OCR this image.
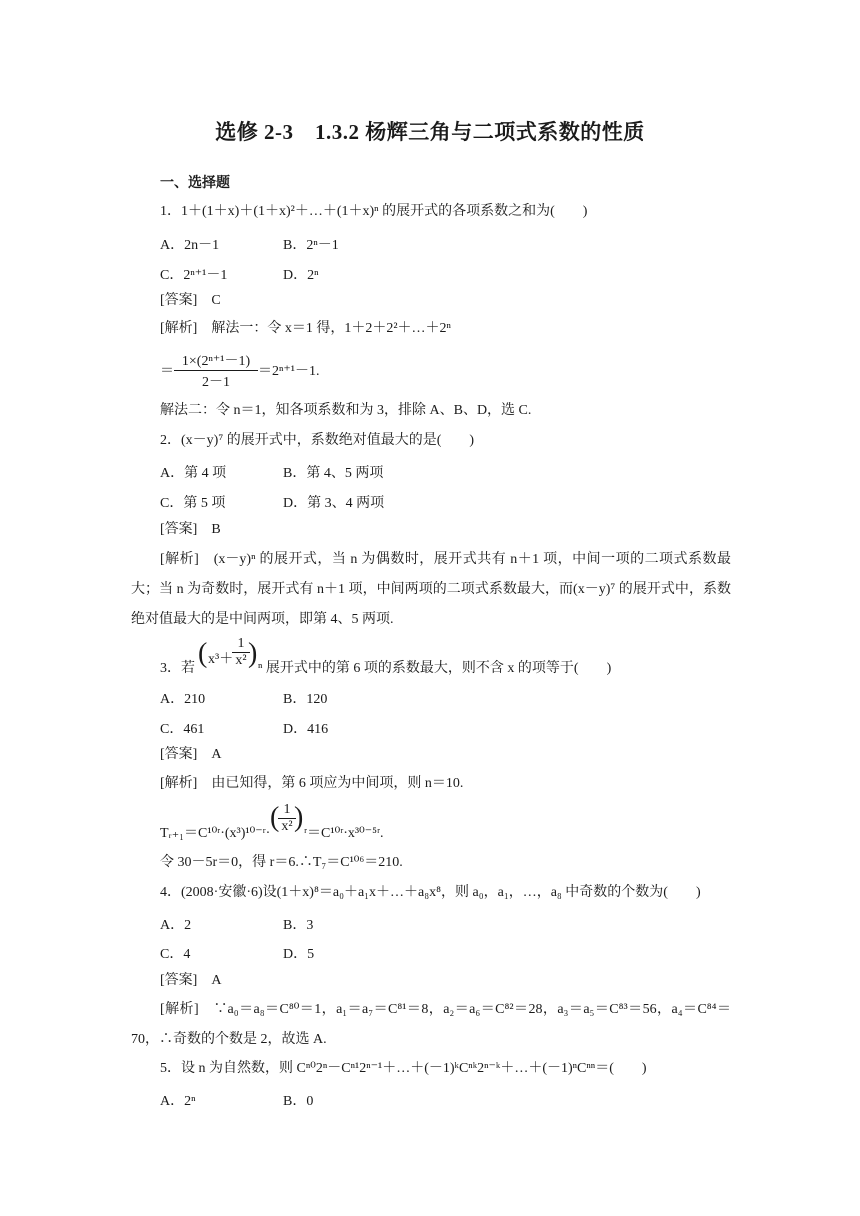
选修 2-3　1.3.2 杨辉三角与二项式系数的性质
一、选择题
1．1＋(1＋x)＋(1＋x)²＋…＋(1＋x)ⁿ 的展开式的各项系数之和为(　　)
A．2n－1	B．2ⁿ－1
C．2ⁿ⁺¹－1	D．2ⁿ
[答案]　C
[解析]　解法一：令 x＝1 得，1＋2＋2²＋…＋2ⁿ
＝ $\frac{\text{1×(2ⁿ⁺¹－1)}}{2-1} =2^{n+1}-1$.
解法二：令 n＝1，知各项系数和为 3，排除 A、B、D，选 C.
2．(x－y)⁷ 的展开式中，系数绝对值最大的是(　　)
A．第 4 项	B．第 4、5 两项
C．第 5 项	D．第 3、4 两项
[答案]　B
[解析]　(x－y)ⁿ 的展开式，当 n 为偶数时，展开式共有 n＋1 项，中间一项的二项式系数最大；当 n 为奇数时，展开式有 n＋1 项，中间两项的二项式系数最大，而(x－y)⁷ 的展开式中，系数绝对值最大的是中间两项，即第 4、5 两项.
3．若 ( x³＋
$\frac{1}{\text{x²}}$
) ⁿ 展开式中的第 6 项的系数最大，则不含 x 的项等于(　　)
A．210	B．120
C．461	D．416
[答案]　A
[解析]　由已知得，第 6 项应为中间项，则 n＝10.
Tᵣ₊₁＝C¹⁰ʳ·(x³)¹⁰⁻ʳ·
(
$\frac{1}{\text{x²}}$
)
ʳ＝C¹⁰ʳ·x³⁰⁻⁵ʳ.
令 30－5r＝0，得 r＝6.∴T₇＝C¹⁰⁶＝210.
4．(2008·安徽·6)设(1＋x)⁸＝a₀＋a₁x＋…＋a₈x⁸，则 a₀，a₁，…，a₈ 中奇数的个数为(　　)
A．2	B．3
C．4	D．5
[答案]　A
[解析]　∵a₀＝a₈＝C⁸⁰＝1，a₁＝a₇＝C⁸¹＝8，a₂＝a₆＝C⁸²＝28，a₃＝a₅＝C⁸³＝56，a₄＝C⁸⁴＝70，∴奇数的个数是 2，故选 A.
5．设 n 为自然数，则 Cⁿ⁰2ⁿ－Cⁿ¹2ⁿ⁻¹＋…＋(－1)ᵏCⁿᵏ2ⁿ⁻ᵏ＋…＋(－1)ⁿCⁿⁿ＝(　　)
A．2ⁿ	B．0
